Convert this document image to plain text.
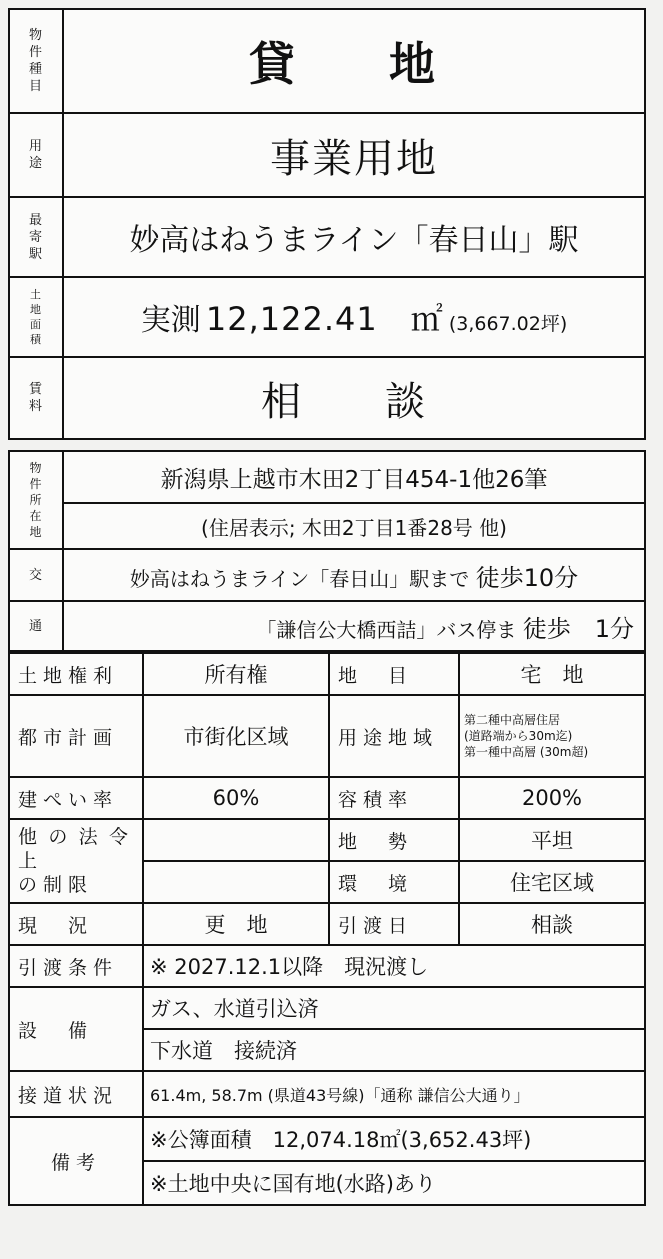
物
件
種
目	貸　地

用
途	事業用地

最
寄
駅	妙高はねうまライン「春日山」駅

土
地
面
積	実測 12,122.41　㎡ (3,667.02坪)

賃
料	相　談
物
件
所
在
地	新潟県上越市木田2丁目454-1他26筆
	(住居表示; 木田2丁目1番28号 他)
交	妙高はねうまライン「春日山」駅まで 徒歩10分
通	「謙信公大橋西詰」バス停ま 徒歩　1分
土地権利	所有権	地　目	宅　地
都市計画	市街化区域	用途地域	第二種中高層住居
(道路端から30m迄)
第一種中高層 (30m超)

建ぺい率	60%	容積率	200%

他の法令上
の制限		地　勢	平坦
		環　境	住宅区域
現　況	更　地	引渡日	相談
引渡条件	※ 2027.12.1以降　現況渡し		
設　備	ガス、水道引込済		
	下水道　接続済		
接道状況	61.4m, 58.7m (県道43号線)「通称 謙信公大通り」		
備考	※公簿面積　12,074.18㎡(3,652.43坪)		
	※土地中央に国有地(水路)あり		
